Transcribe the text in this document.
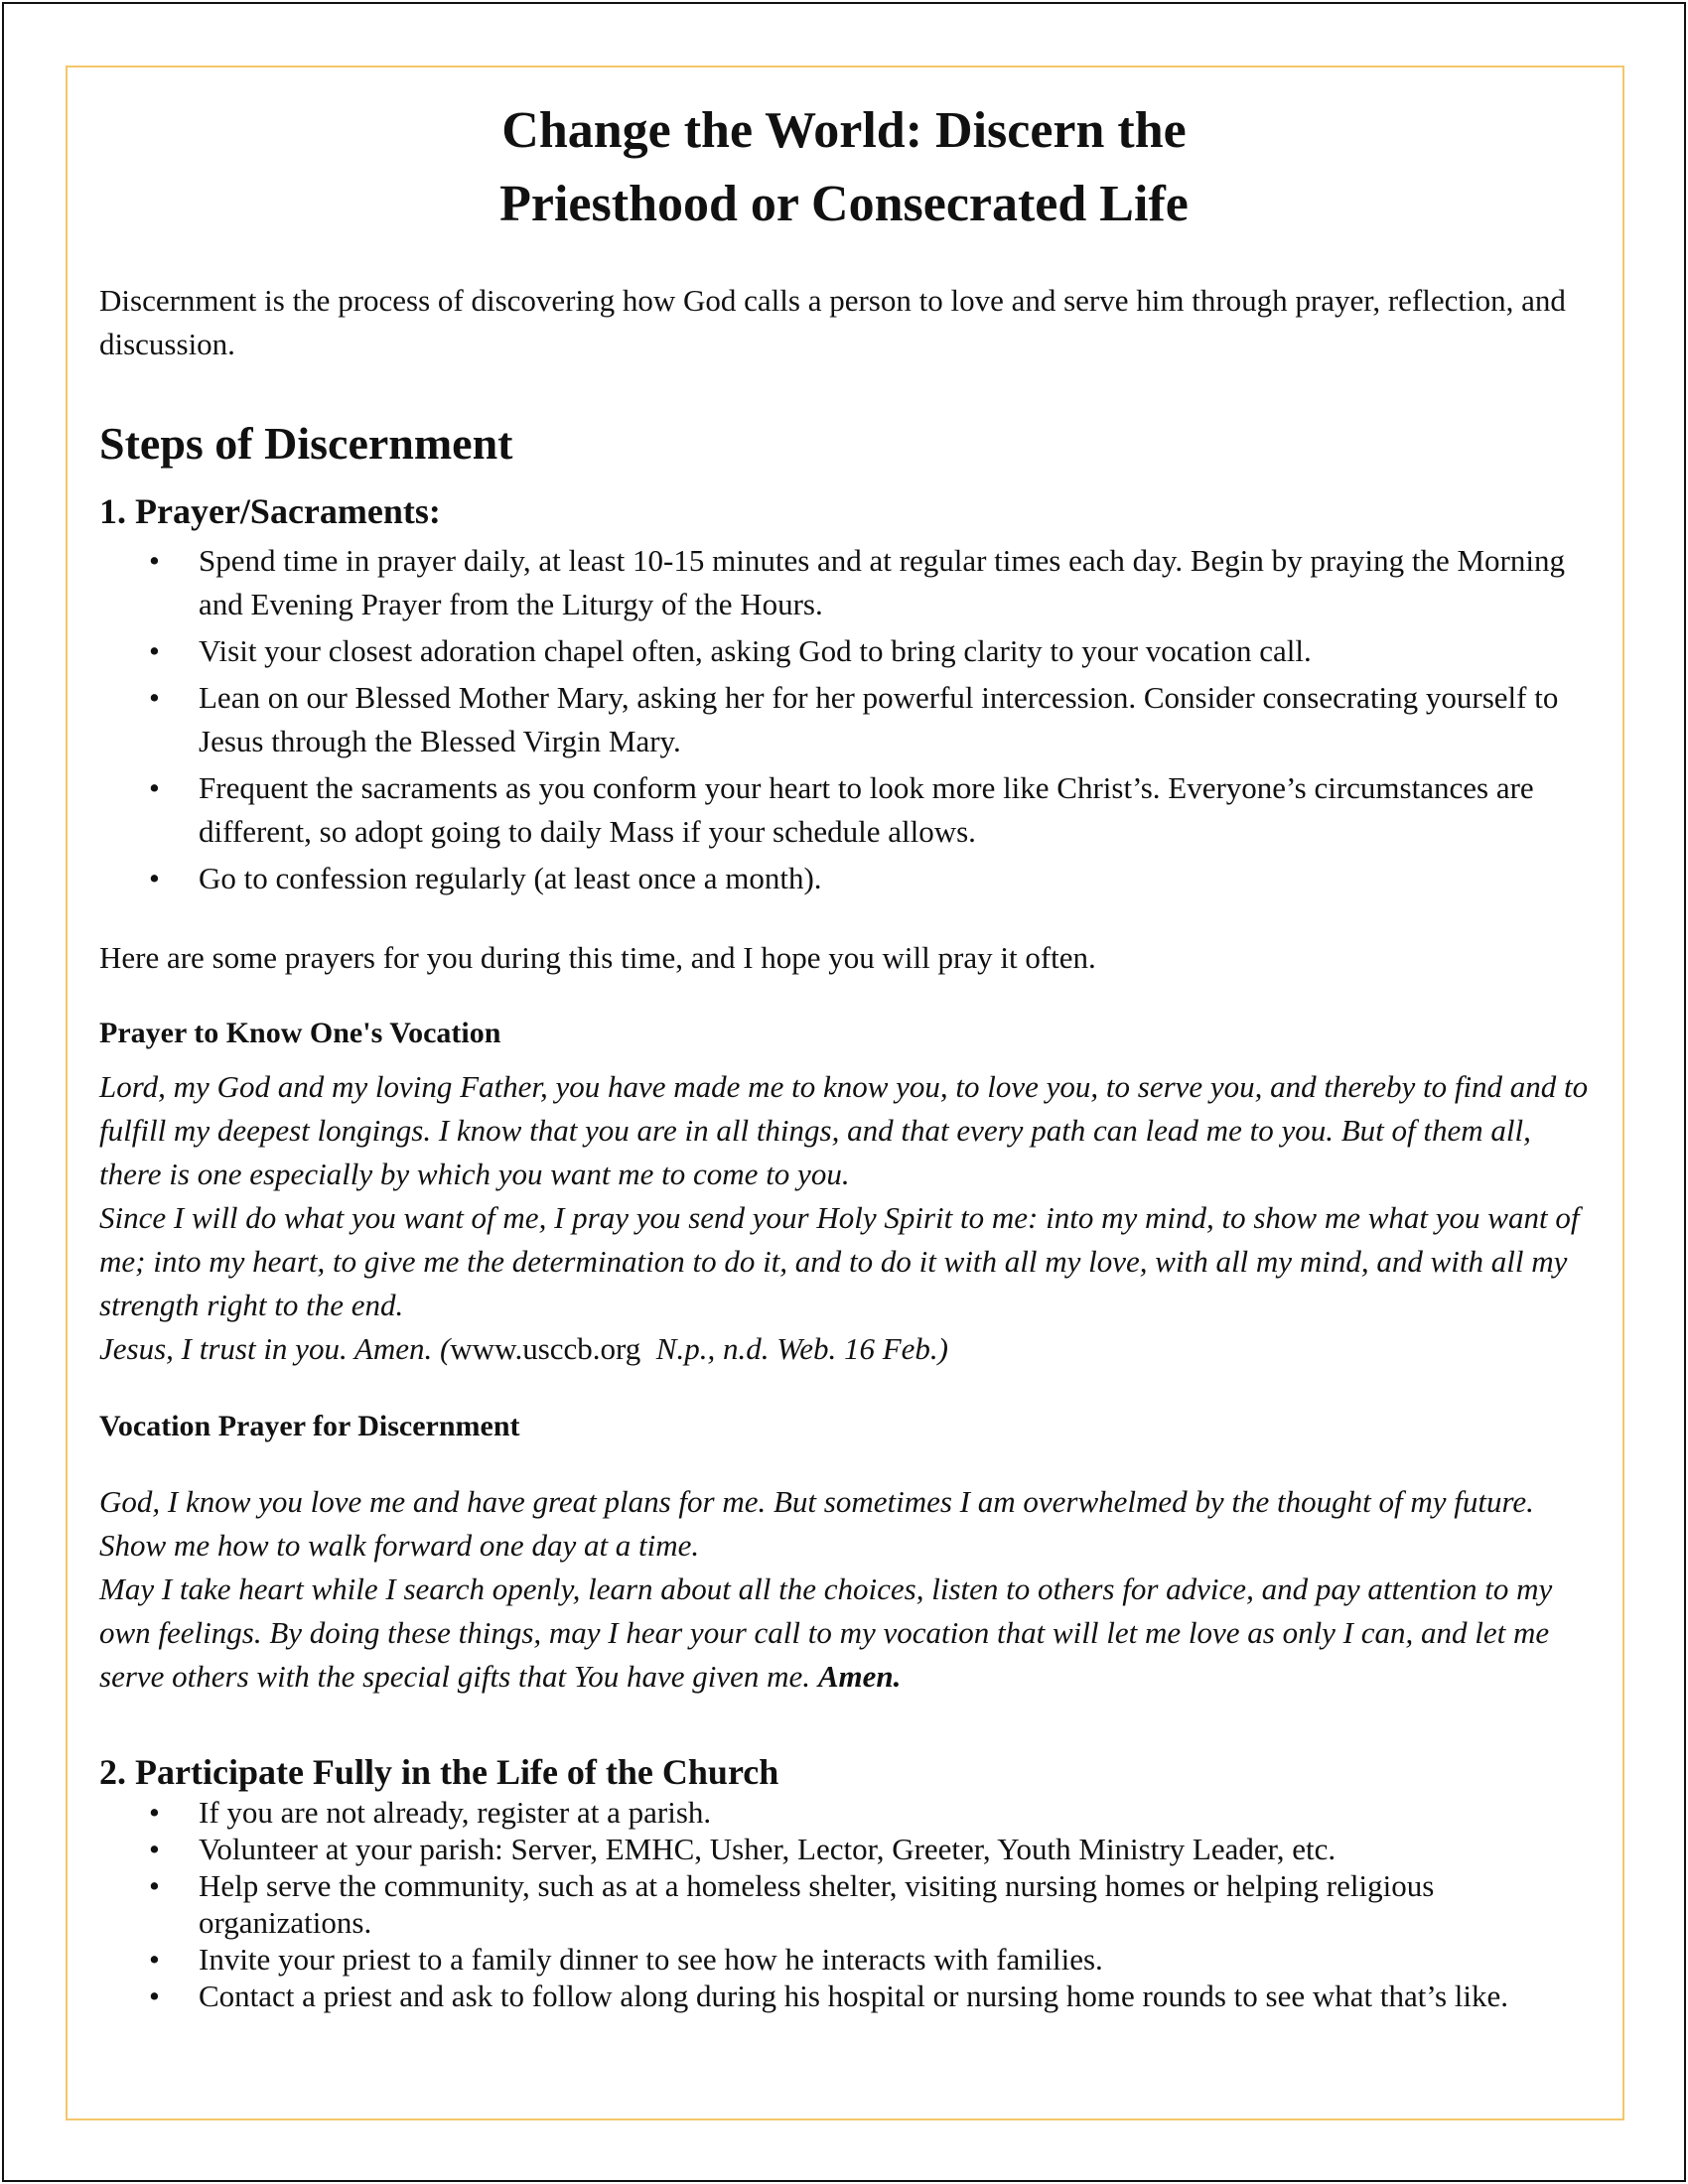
Change the World: Discern the
Priesthood or Consecrated Life

Discernment is the process of discovering how God calls a person to love and serve him through prayer, reflection, and discussion.

Steps of Discernment
1. Prayer/Sacraments:
• Spend time in prayer daily, at least 10-15 minutes and at regular times each day. Begin by praying the Morning and Evening Prayer from the Liturgy of the Hours.
• Visit your closest adoration chapel often, asking God to bring clarity to your vocation call.
• Lean on our Blessed Mother Mary, asking her for her powerful intercession. Consider consecrating yourself to Jesus through the Blessed Virgin Mary.
• Frequent the sacraments as you conform your heart to look more like Christ’s. Everyone’s circumstances are different, so adopt going to daily Mass if your schedule allows.
• Go to confession regularly (at least once a month).

Here are some prayers for you during this time, and I hope you will pray it often.

Prayer to Know One's Vocation

Lord, my God and my loving Father, you have made me to know you, to love you, to serve you, and thereby to find and to fulfill my deepest longings. I know that you are in all things, and that every path can lead me to you. But of them all, there is one especially by which you want me to come to you.

Since I will do what you want of me, I pray you send your Holy Spirit to me: into my mind, to show me what you want of me; into my heart, to give me the determination to do it, and to do it with all my love, with all my mind, and with all my strength right to the end.

Jesus, I trust in you. Amen. (www.usccb.org  N.p., n.d. Web. 16 Feb.)

Vocation Prayer for Discernment

God, I know you love me and have great plans for me. But sometimes I am overwhelmed by the thought of my future. Show me how to walk forward one day at a time.

May I take heart while I search openly, learn about all the choices, listen to others for advice, and pay attention to my own feelings. By doing these things, may I hear your call to my vocation that will let me love as only I can, and let me serve others with the special gifts that You have given me. Amen.

2. Participate Fully in the Life of the Church
• If you are not already, register at a parish.
• Volunteer at your parish: Server, EMHC, Usher, Lector, Greeter, Youth Ministry Leader, etc.
• Help serve the community, such as at a homeless shelter, visiting nursing homes or helping religious organizations.
• Invite your priest to a family dinner to see how he interacts with families.
• Contact a priest and ask to follow along during his hospital or nursing home rounds to see what that’s like.
